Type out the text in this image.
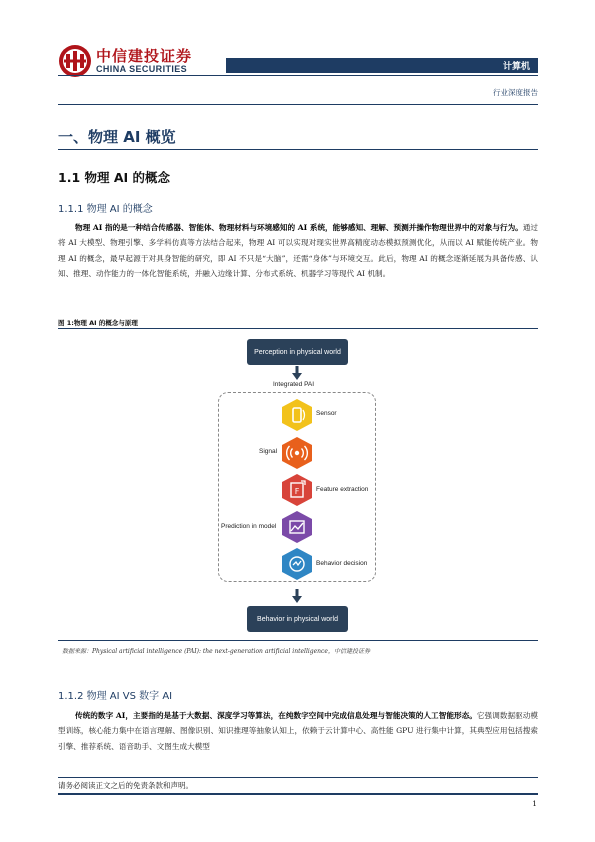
中信建投证券
CHINA SECURITIES	计算机
行业深度报告
一、物理 AI 概览
1.1 物理 AI 的概念
1.1.1 物理 AI 的概念
物理 AI 指的是一种结合传感器、智能体、物理材料与环境感知的 AI 系统，能够感知、理解、预测并操作物理世界中的对象与行为。通过将 AI 大模型、物理引擎、多学科仿真等方法结合起来，物理 AI 可以实现对现实世界高精度动态模拟预测优化，从而以 AI 赋能传统产业。物理 AI 的概念，最早起源于对具身智能的研究，即 AI 不只是“大脑”，还需“身体”与环境交互。此后，物理 AI 的概念逐渐延展为具备传感、认知、推理、动作能力的一体化智能系统，并融入边缘计算、分布式系统、机器学习等现代 AI 机制。
图 1:物理 AI 的概念与原理
Perception in physical world
Integrated PAI
Sensor
Signal
F	Feature extraction
Prediction in model
Behavior decision
Behavior in physical world
数据来源：Physical artificial intelligence (PAI): the next-generation artificial intelligence，中信建投证券
1.1.2 物理 AI VS 数字 AI
传统的数字 AI，主要指的是基于大数据、深度学习等算法，在纯数字空间中完成信息处理与智能决策的人工智能形态。它强调数据驱动模型训练，核心能力集中在语言理解、图像识别、知识推理等抽象认知上，依赖于云计算中心、高性能 GPU 进行集中计算，其典型应用包括搜索引擎、推荐系统、语音助手、文图生成大模型
请务必阅读正文之后的免责条款和声明。
1
